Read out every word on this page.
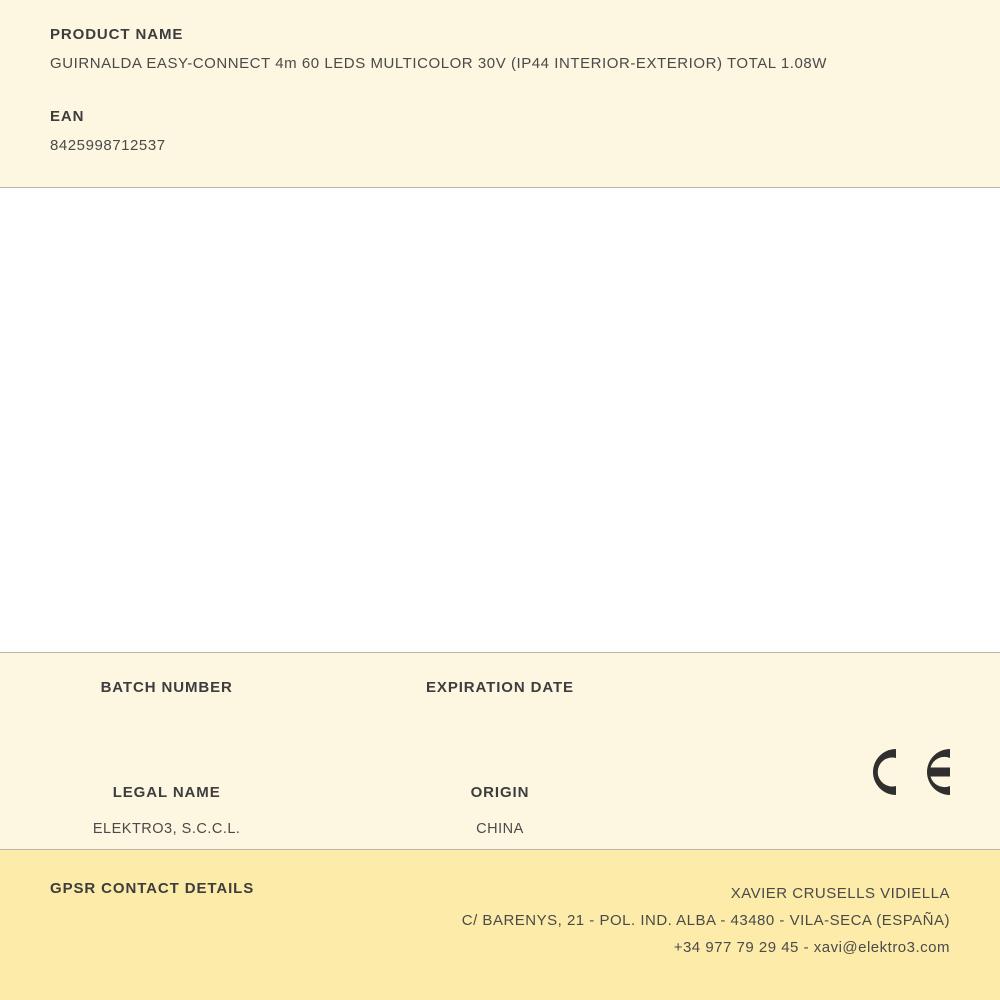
PRODUCT NAME
GUIRNALDA EASY-CONNECT 4m 60 LEDS MULTICOLOR 30V (IP44 INTERIOR-EXTERIOR) TOTAL 1.08W
EAN
8425998712537
BATCH NUMBER	EXPIRATION DATE
LEGAL NAME
ELEKTRO3, S.C.C.L.
ORIGIN
CHINA
GPSR CONTACT DETAILS	XAVIER CRUSELLS VIDIELLA
C/ BARENYS, 21 - POL. IND. ALBA - 43480 - VILA-SECA (ESPAÑA)
+34 977 79 29 45 - xavi@elektro3.com
